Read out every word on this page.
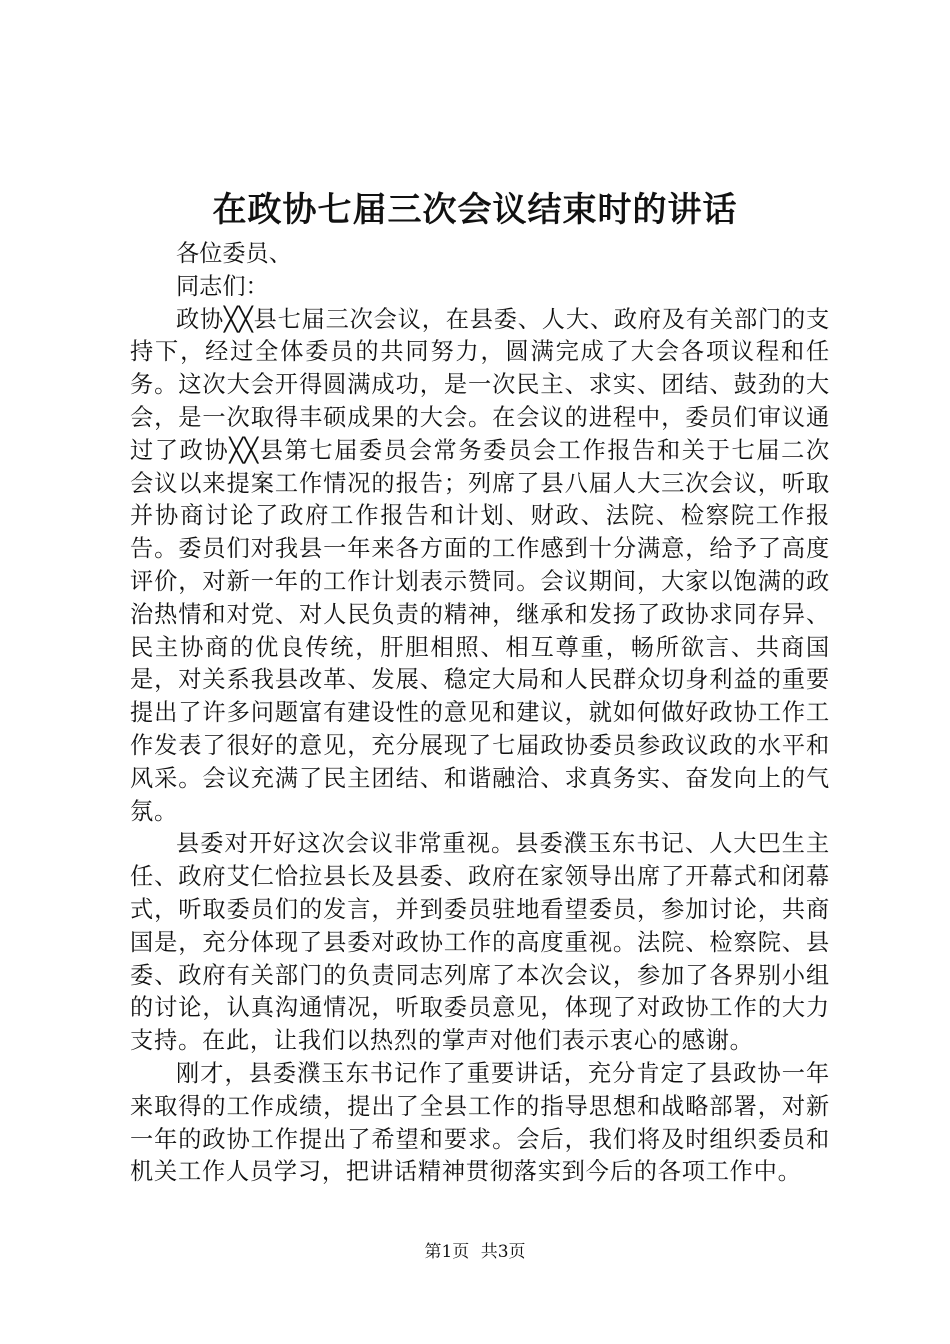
在政协七届三次会议结束时的讲话

各位委员、

同志们：

政协╳╳县七届三次会议，在县委、人大、政府及有关部门的支持下，经过全体委员的共同努力，圆满完成了大会各项议程和任务。这次大会开得圆满成功，是一次民主、求实、团结、鼓劲的大会，是一次取得丰硕成果的大会。在会议的进程中，委员们审议通过了政协╳╳县第七届委员会常务委员会工作报告和关于七届二次会议以来提案工作情况的报告；列席了县八届人大三次会议，听取并协商讨论了政府工作报告和计划、财政、法院、检察院工作报告。委员们对我县一年来各方面的工作感到十分满意，给予了高度评价，对新一年的工作计划表示赞同。会议期间，大家以饱满的政治热情和对党、对人民负责的精神，继承和发扬了政协求同存异、民主协商的优良传统，肝胆相照、相互尊重，畅所欲言、共商国是，对关系我县改革、发展、稳定大局和人民群众切身利益的重要提出了许多问题富有建设性的意见和建议，就如何做好政协工作工作发表了很好的意见，充分展现了七届政协委员参政议政的水平和风采。会议充满了民主团结、和谐融洽、求真务实、奋发向上的气氛。

县委对开好这次会议非常重视。县委濮玉东书记、人大巴生主任、政府艾仁恰拉县长及县委、政府在家领导出席了开幕式和闭幕式，听取委员们的发言，并到委员驻地看望委员，参加讨论，共商国是，充分体现了县委对政协工作的高度重视。法院、检察院、县委、政府有关部门的负责同志列席了本次会议，参加了各界别小组的讨论，认真沟通情况，听取委员意见，体现了对政协工作的大力支持。在此，让我们以热烈的掌声对他们表示衷心的感谢。

刚才，县委濮玉东书记作了重要讲话，充分肯定了县政协一年来取得的工作成绩，提出了全县工作的指导思想和战略部署，对新一年的政协工作提出了希望和要求。会后，我们将及时组织委员和机关工作人员学习，把讲话精神贯彻落实到今后的各项工作中。

第1页 共3页
